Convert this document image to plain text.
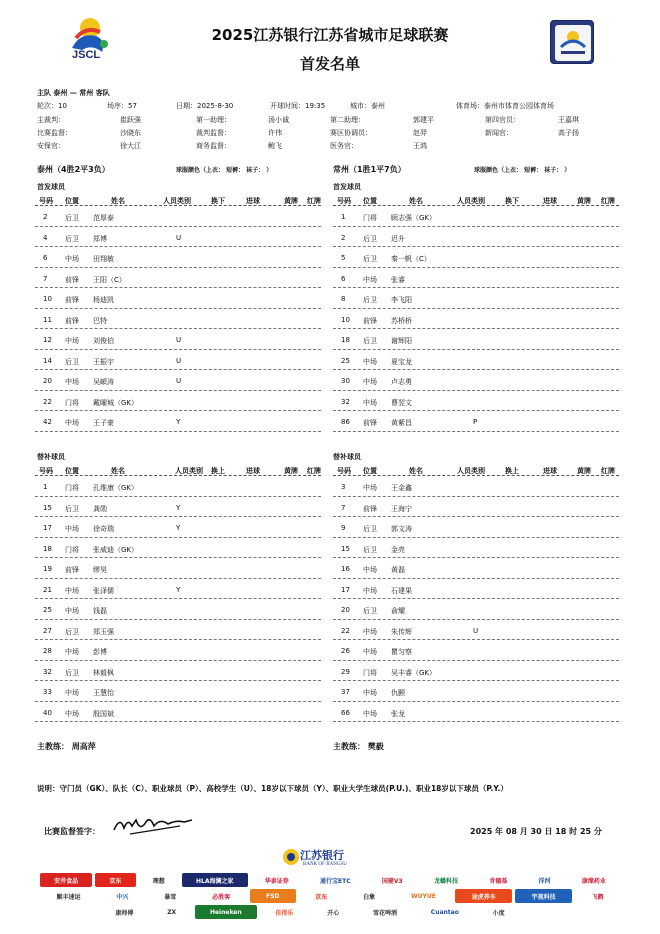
JSCL
2025江苏银行江苏省城市足球联赛
首发名单
主队 泰州 — 常州 客队
轮次：10	场序：57	日期：2025-8-30	开球时间：19:35	城市：泰州	体育场：泰州市体育公园体育场
主裁判：	崔跃强	第一助理：	汤小诚	第二助理：	郭建平	第四官员：	王嘉琪
比赛监督：	沙晓东	裁判监督：	许伟	赛区协调员：	赵羿	新闻官：	高子扬
安保官：	徐大江	商务监督：	鲍飞	医务官：	王鸿
泰州（4胜2平3负）	球服颜色（上衣： 短裤： 袜子： ）	常州（1胜1平7负）	球服颜色（上衣： 短裤： 袜子： ）
首发球员	首发球员
号码 位置	姓名	人员类别	换下	进球	黄牌 红牌
2	后卫 范厚泰
4	后卫 郑博	U
6	中场 田翔敏
7	前锋 王阳（C）
10 前锋 杨迪凯
11 前锋 巴特
12 中场 刘俊伯	U
14 后卫 王振宇	U
20 中场 吴頔涛	U
22 门将 戴曜城（GK）
42 中场 王子豪	Y
号码 位置	姓名	人员类别	换下	进球	黄牌 红牌
1	门将 顾志强（GK）
2	后卫 迟升
5	后卫 秦一帆（C）
6	中场 张睿
8	后卫 李飞阳
10 前锋 苏桥桥
18 后卫 谢辉阳
25 中场 夏宝龙
30 中场 卢志勇
32 中场 曹翌文
86 前锋 黄紫昌	P
替补球员	替补球员
号码 位置	姓名	人员类别 换上	进球	黄牌 红牌
1	门将 孔维康（GK）
15 后卫 龚勋	Y
17 中场 徐奇瑞	Y
18 门将 张威迪（GK）
19 前锋 缪昊
21 中场 张泽儒	Y
25 中场 钱磊
27 后卫 郑玉强
28 中场 彭博
32 后卫 林毅枫
33 中场 王慧怡
40 中场 殷国斌
号码 位置	姓名	人员类别	换上	进球	黄牌 红牌
3	中场 王金鑫
7	前锋 王海宁
9	后卫 郭文涛
15 后卫 金亮
16 中场 黄磊
17 中场 石建果
20 后卫 俞耀
22 中场 朱传辉	U
26 中场 瞿匀察
29 门将 吴丰睿（GK）
37 中场 仇颢
66 中场 张龙
主教练： 周高萍	主教练： 樊毅
说明：守门员（GK）、队长（C）、职业球员（P）、高校学生（U）、18岁以下球员（Y）、职业大学生球员(P.U.)、职业18岁以下球员（P.Y.）
比赛监督签字：	2025 年 08 月 30 日 18 时 25 分
江苏银行
BANK OF JIANGSU
安井食品	京东	理想	HLA海澜之家	华泰证券	通行宝ETC	国健V3	龙蟠科技	肯德基	洋河	康缘药业
顺丰速运	中兴	暴雪	必胜客	FSD	京东	白象	WUYUE	途虎养车	宇视科技	飞鹤
康师傅	ZX	Heineken	佳得乐	开心	雪花啤酒	Cuantao	小度
